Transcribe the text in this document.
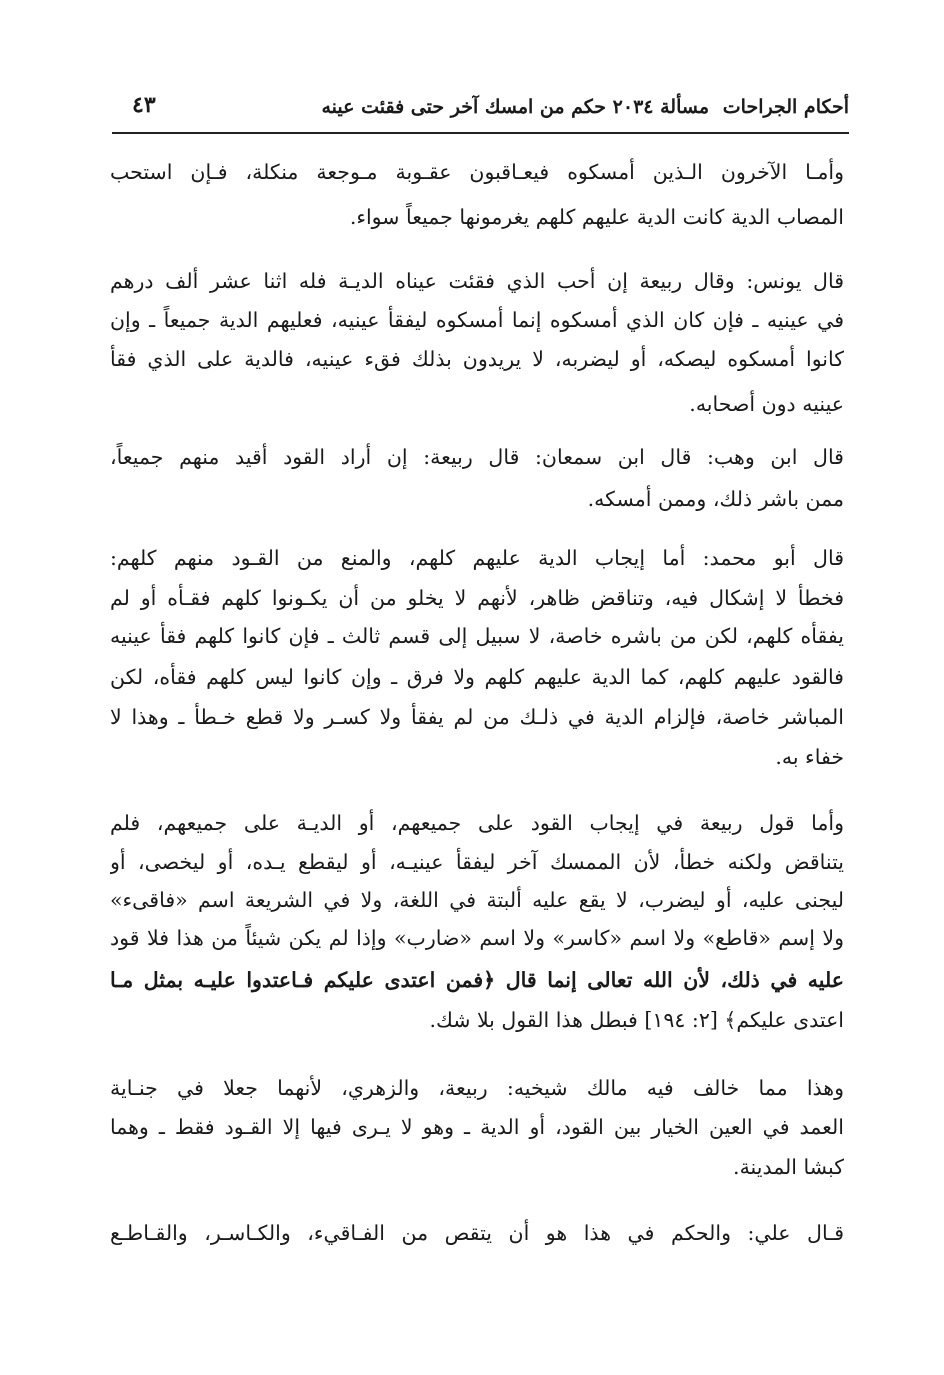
أحكام الجراحات
مسألة ٢٠٣٤ حكم من امسك آخر حتى فقئت عينه
٤٣
وأمـا الآخرون الـذين أمسكوه فيعـاقبون عقـوبة مـوجعة منكلة، فـإن استحب
المصاب الدية كانت الدية عليهم كلهم يغرمونها جميعاً سواء.
قال يونس: وقال ربيعة إن أحب الذي فقئت عيناه الديـة فله اثنا عشر ألف درهم
في عينيه ـ فإن كان الذي أمسكوه إنما أمسكوه ليفقأ عينيه، فعليهم الدية جميعاً ـ وإن
كانوا أمسكوه ليصكه، أو ليضربه، لا يريدون بذلك فقء عينيه، فالدية على الذي فقأ
عينيه دون أصحابه.
قال ابن وهب: قال ابن سمعان: قال ربيعة: إن أراد القود أقيد منهم جميعاً،
ممن باشر ذلك، وممن أمسكه.
قال أبو محمد: أما إيجاب الدية عليهم كلهم، والمنع من القـود منهم كلهم:
فخطأ لا إشكال فيه، وتناقض ظاهر، لأنهم لا يخلو من أن يكـونوا كلهم فقـأه أو لم
يفقأه كلهم، لكن من باشره خاصة، لا سبيل إلى قسم ثالث ـ فإن كانوا كلهم فقأ عينيه
فالقود عليهم كلهم، كما الدية عليهم كلهم ولا فرق ـ وإن كانوا ليس كلهم فقأه، لكن
المباشر خاصة، فإلزام الدية في ذلـك من لم يفقأ ولا كسـر ولا قطع خـطأ ـ وهذا لا
خفاء به.
وأما قول ربيعة في إيجاب القود على جميعهم، أو الديـة على جميعهم، فلم
يتناقض ولكنه خطأ، لأن الممسك آخر ليفقأ عينيـه، أو ليقطع يـده، أو ليخصى، أو
ليجنى عليه، أو ليضرب، لا يقع عليه ألبتة في اللغة، ولا في الشريعة اسم «فاقىء»
ولا إسم «قاطع» ولا اسم «كاسر» ولا اسم «ضارب» وإذا لم يكن شيئاً من هذا فلا قود
عليه في ذلك، لأن الله تعالى إنما قال ﴿فمن اعتدى عليكم فـاعتدوا عليـه بمثل مـا
اعتدى عليكم﴾ [٢: ١٩٤] فبطل هذا القول بلا شك.
وهذا مما خالف فيه مالك شيخيه: ربيعة، والزهري، لأنهما جعلا في جنـاية
العمد في العين الخيار بين القود، أو الدية ـ وهو لا يـرى فيها إلا القـود فقط ـ وهما
كبشا المدينة.
قـال علي: والحكم في هذا هو أن يتقص من الفـاقيء، والكـاسـر، والقـاطـع
